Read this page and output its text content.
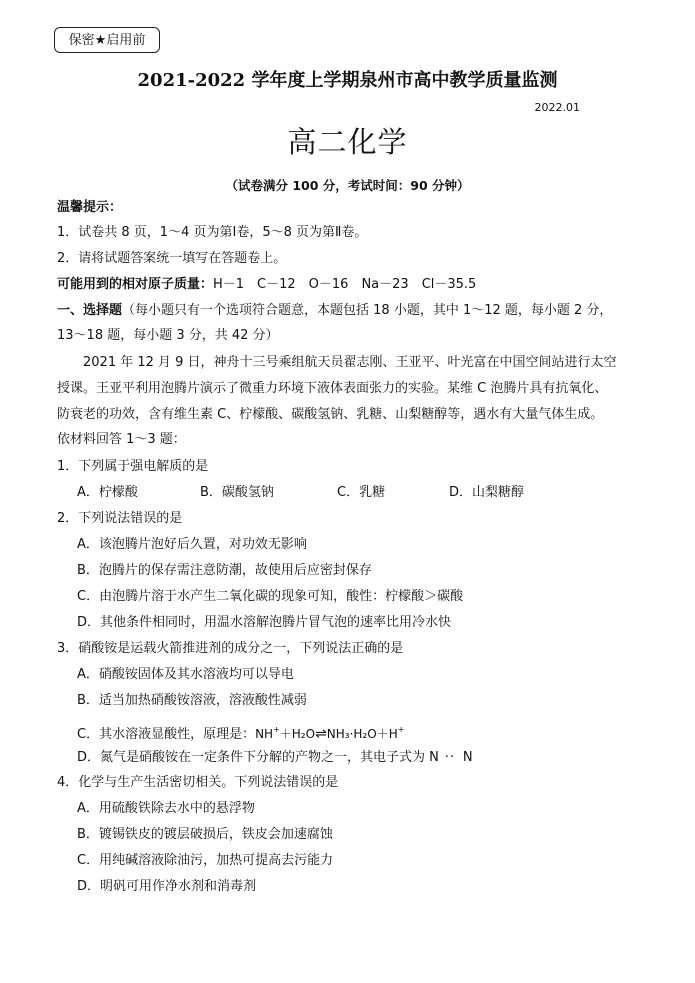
保密★启用前
2021-2022 学年度上学期泉州市高中教学质量监测
2022.01
高二化学
（试卷满分 100 分，考试时间：90 分钟）
温馨提示：
1．试卷共 8 页，1～4 页为第Ⅰ卷，5～8 页为第Ⅱ卷。
2．请将试题答案统一填写在答题卷上。
可能用到的相对原子质量：H－1　C－12　O－16　Na－23　Cl－35.5
一、选择题（每小题只有一个选项符合题意，本题包括 18 小题，其中 1～12 题，每小题 2 分，
13～18 题，每小题 3 分，共 42 分）
　　2021 年 12 月 9 日，神舟十三号乘组航天员翟志刚、王亚平、叶光富在中国空间站进行太空
授课。王亚平利用泡腾片演示了微重力环境下液体表面张力的实验。某维 C 泡腾片具有抗氧化、
防衰老的功效，含有维生素 C、柠檬酸、碳酸氢钠、乳糖、山梨糖醇等，遇水有大量气体生成。
依材料回答 1～3 题：
1．下列属于强电解质的是
A．柠檬酸	B．碳酸氢钠	C．乳糖	D．山梨糖醇
2．下列说法错误的是
A．该泡腾片泡好后久置，对功效无影响
B．泡腾片的保存需注意防潮，故使用后应密封保存
C．由泡腾片溶于水产生二氧化碳的现象可知，酸性：柠檬酸＞碳酸
D．其他条件相同时，用温水溶解泡腾片冒气泡的速率比用冷水快
3．硝酸铵是运载火箭推进剂的成分之一，下列说法正确的是
A．硝酸铵固体及其水溶液均可以导电
B．适当加热硝酸铵溶液，溶液酸性减弱
C．其水溶液显酸性，原理是：NH+＋H₂O⇌NH₃·H₂O＋H+
D．氮气是硝酸铵在一定条件下分解的产物之一，其电子式为 N N
4．化学与生产生活密切相关。下列说法错误的是
A．用硫酸铁除去水中的悬浮物
B．镀锡铁皮的镀层破损后，铁皮会加速腐蚀
C．用纯碱溶液除油污，加热可提高去污能力
D．明矾可用作净水剂和消毒剂
